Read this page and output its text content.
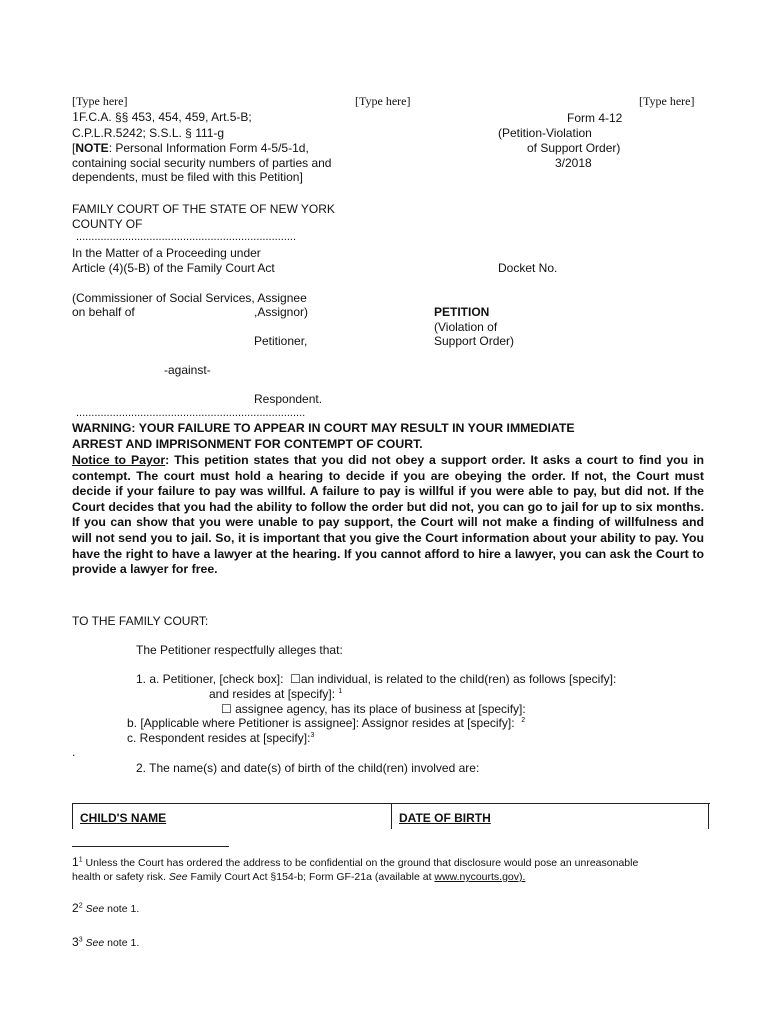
[Type here]	[Type here]	[Type here]
1F.C.A. §§ 453, 454, 459, Art.5-B;
C.P.L.R.5242; S.S.L. § 111-g
[NOTE: Personal Information Form 4-5/5-1d,
containing social security numbers of parties and
dependents, must be filed with this Petition]
Form 4-12
(Petition-Violation
of Support Order)
3/2018
FAMILY COURT OF THE STATE OF NEW YORK
COUNTY OF
........................................................................
In the Matter of a Proceeding under
Article (4)(5-B) of the Family Court Act	Docket No.
(Commissioner of Social Services, Assignee
on behalf of	,Assignor)
Petitioner,
PETITION
(Violation of
Support Order)
-against-
Respondent.
...........................................................................
WARNING: YOUR FAILURE TO APPEAR IN COURT MAY RESULT IN YOUR IMMEDIATE
ARREST AND IMPRISONMENT FOR CONTEMPT OF COURT.
Notice to Payor: This petition states that you did not obey a support order. It asks a court to find you in contempt. The court must hold a hearing to decide if you are obeying the order. If not, the Court must decide if your failure to pay was willful. A failure to pay is willful if you were able to pay, but did not. If the Court decides that you had the ability to follow the order but did not, you can go to jail for up to six months. If you can show that you were unable to pay support, the Court will not make a finding of willfulness and will not send you to jail. So, it is important that you give the Court information about your ability to pay. You have the right to have a lawyer at the hearing. If you cannot afford to hire a lawyer, you can ask the Court to provide a lawyer for free.
TO THE FAMILY COURT:
The Petitioner respectfully alleges that:
1. a. Petitioner, [check box]: ☐an individual, is related to the child(ren) as follows [specify]:
and resides at [specify]: $^1$
☐ assignee agency, has its place of business at [specify]:
b. [Applicable where Petitioner is assignee]: Assignor resides at [specify]: $^2$
c. Respondent resides at [specify]:$^3$
.
2. The name(s) and date(s) of birth of the child(ren) involved are:
CHILD'S NAME	DATE OF BIRTH
$1^1$ Unless the Court has ordered the address to be confidential on the ground that disclosure would pose an unreasonable
health or safety risk. See Family Court Act §154-b; Form GF-21a (available at www.nycourts.gov).
$2^2$ See note 1.
$3^3$ See note 1.
